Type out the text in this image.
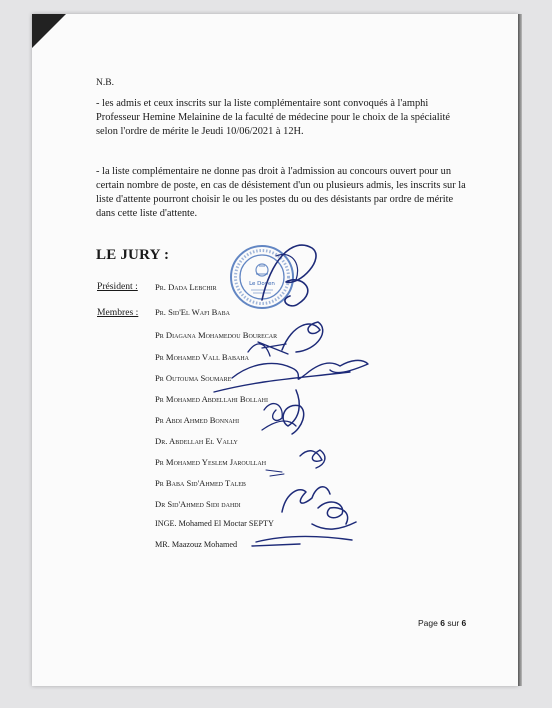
N.B.
- les admis et ceux inscrits sur la liste complémentaire sont convoqués à l'amphi Professeur Hemine Melainine de la faculté de médecine pour le choix de la spécialité selon l'ordre de mérite le Jeudi 10/06/2021 à 12H.
- la liste complémentaire ne donne pas droit à l'admission au concours ouvert pour un certain nombre de poste, en cas de désistement d'un ou plusieurs admis, les inscrits sur la liste d'attente pourront choisir le ou les postes du ou des désistants par ordre de mérite dans cette liste d'attente.
LE JURY :
Président : Pr. Dada Lebchir
Membres : Pr. Sid'El Wafi Baba
Pr Diagana Mohamedou Bourecar
Pr Mohamed Vall Babaha
Pr Outouma Soumare
Pr Mohamed Abdellahi Bollahi
Pr Abdi Ahmed Bonnahi
Dr. Abdellah El Vally
Pr Mohamed Yeslem Jaroullah
Pr Baba Sid'Ahmed Taleb
Dr Sid'Ahmed Sidi dahdi
INGE. Mohamed El Moctar SEPTY
MR. Maazouz Mohamed
Le Doyen
Page 6 sur 6
